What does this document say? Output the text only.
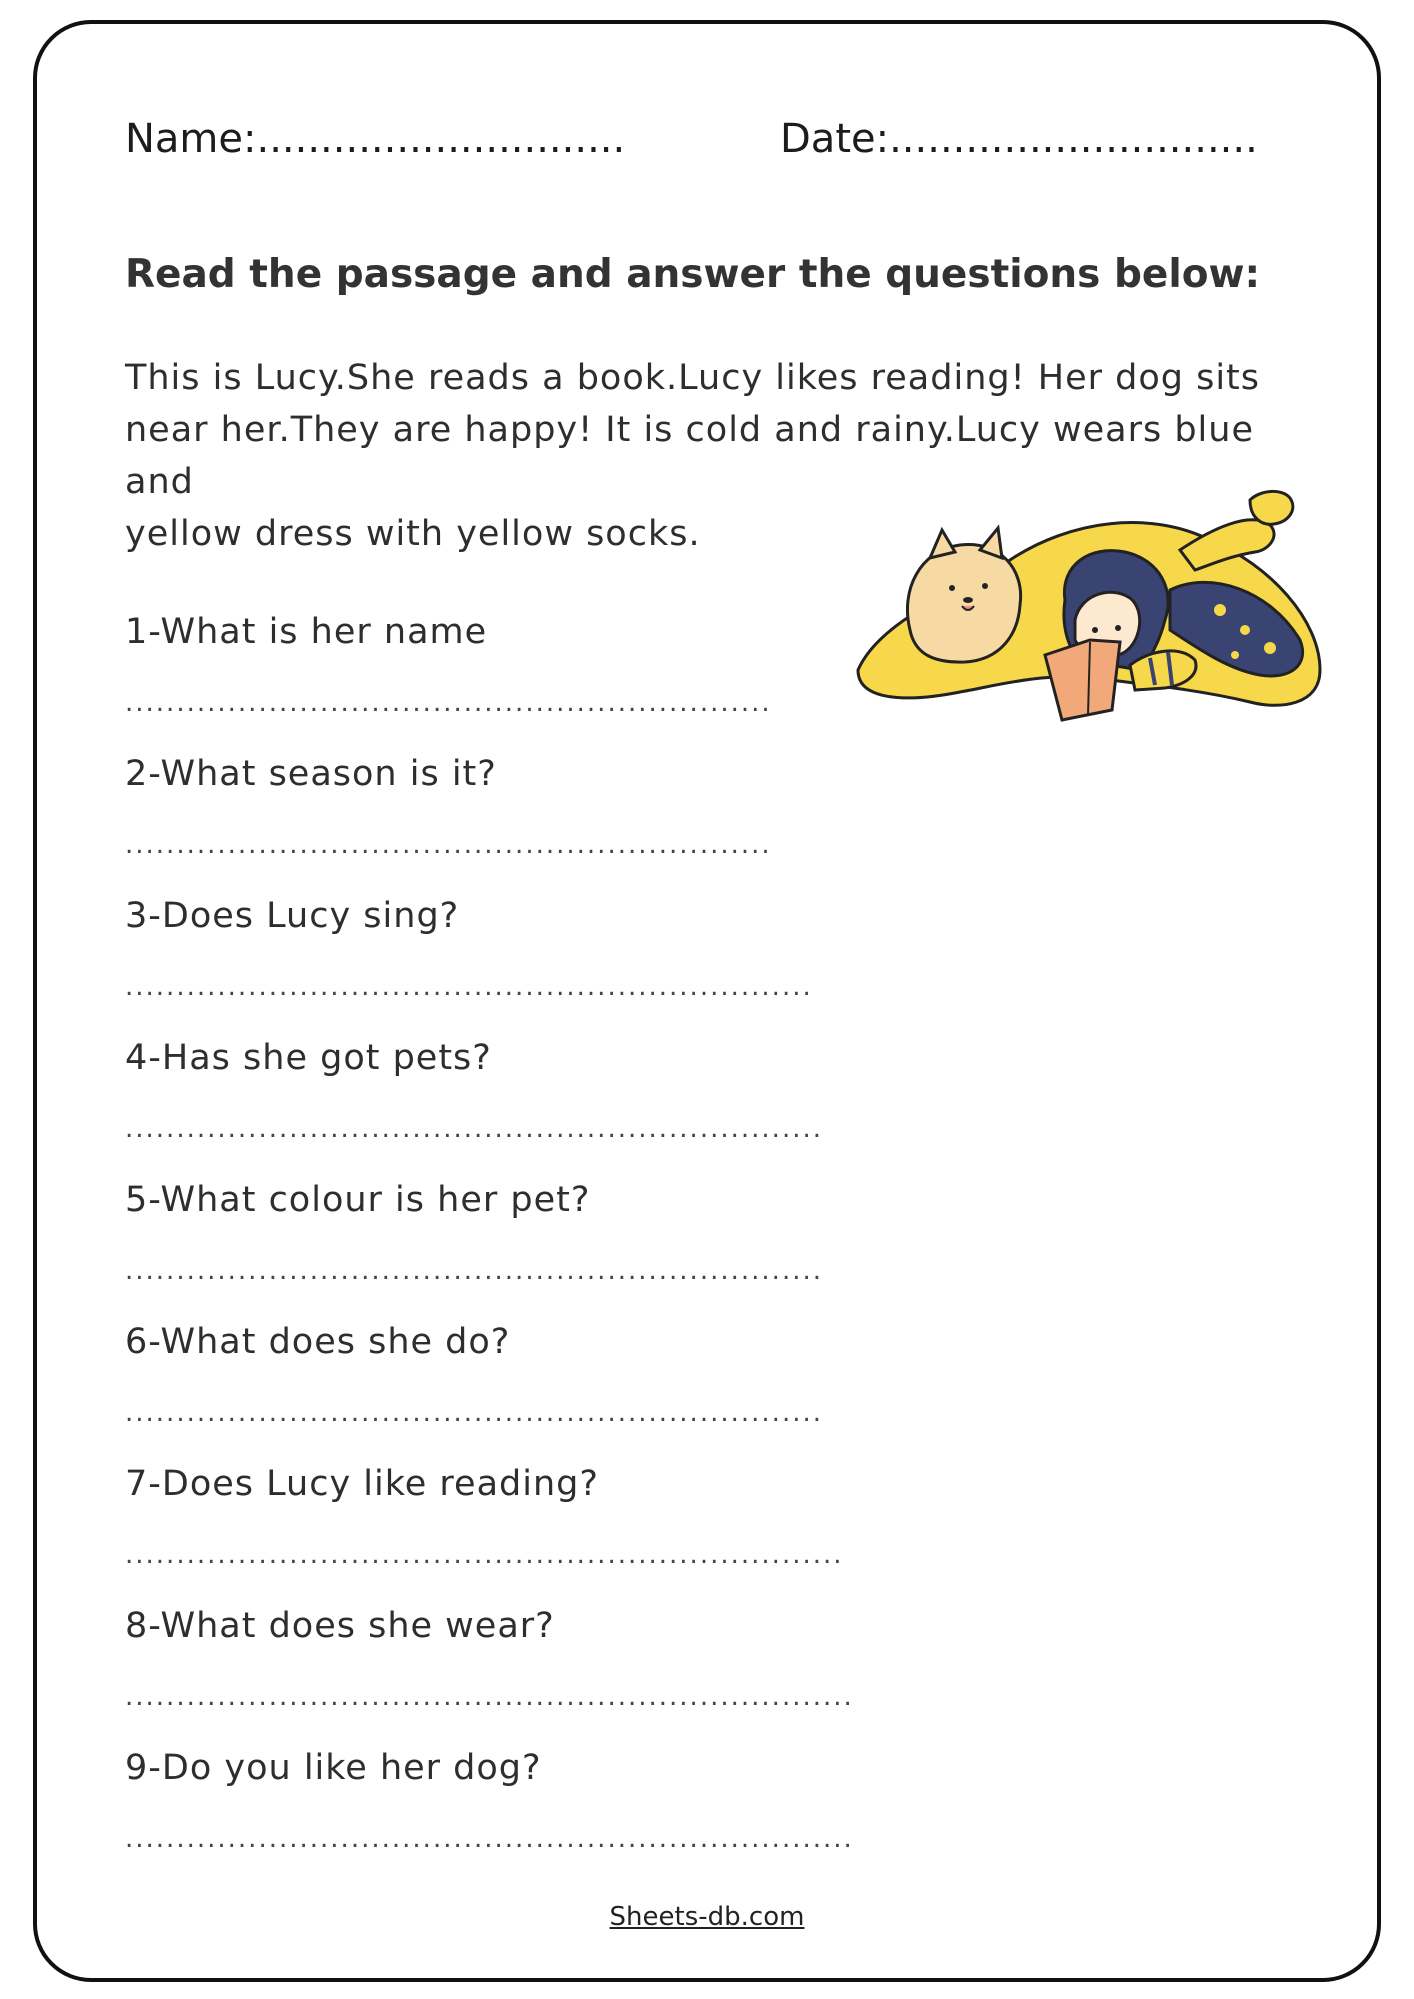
Name:.............................	Date:.............................
Read the passage and answer the questions below:
This is Lucy.She reads a book.Lucy likes reading! Her dog sits
near her.They are happy! It is cold and rainy.Lucy wears blue and
yellow dress with yellow socks.
1-What is her name
...............................................................
2-What season is it?
...............................................................
3-Does Lucy sing?
...................................................................
4-Has she got pets?
....................................................................
5-What colour is her pet?
....................................................................
6-What does she do?
....................................................................
7-Does Lucy like reading?
......................................................................
8-What does she wear?
.......................................................................
9-Do you like her dog?
.......................................................................
Sheets-db.com
